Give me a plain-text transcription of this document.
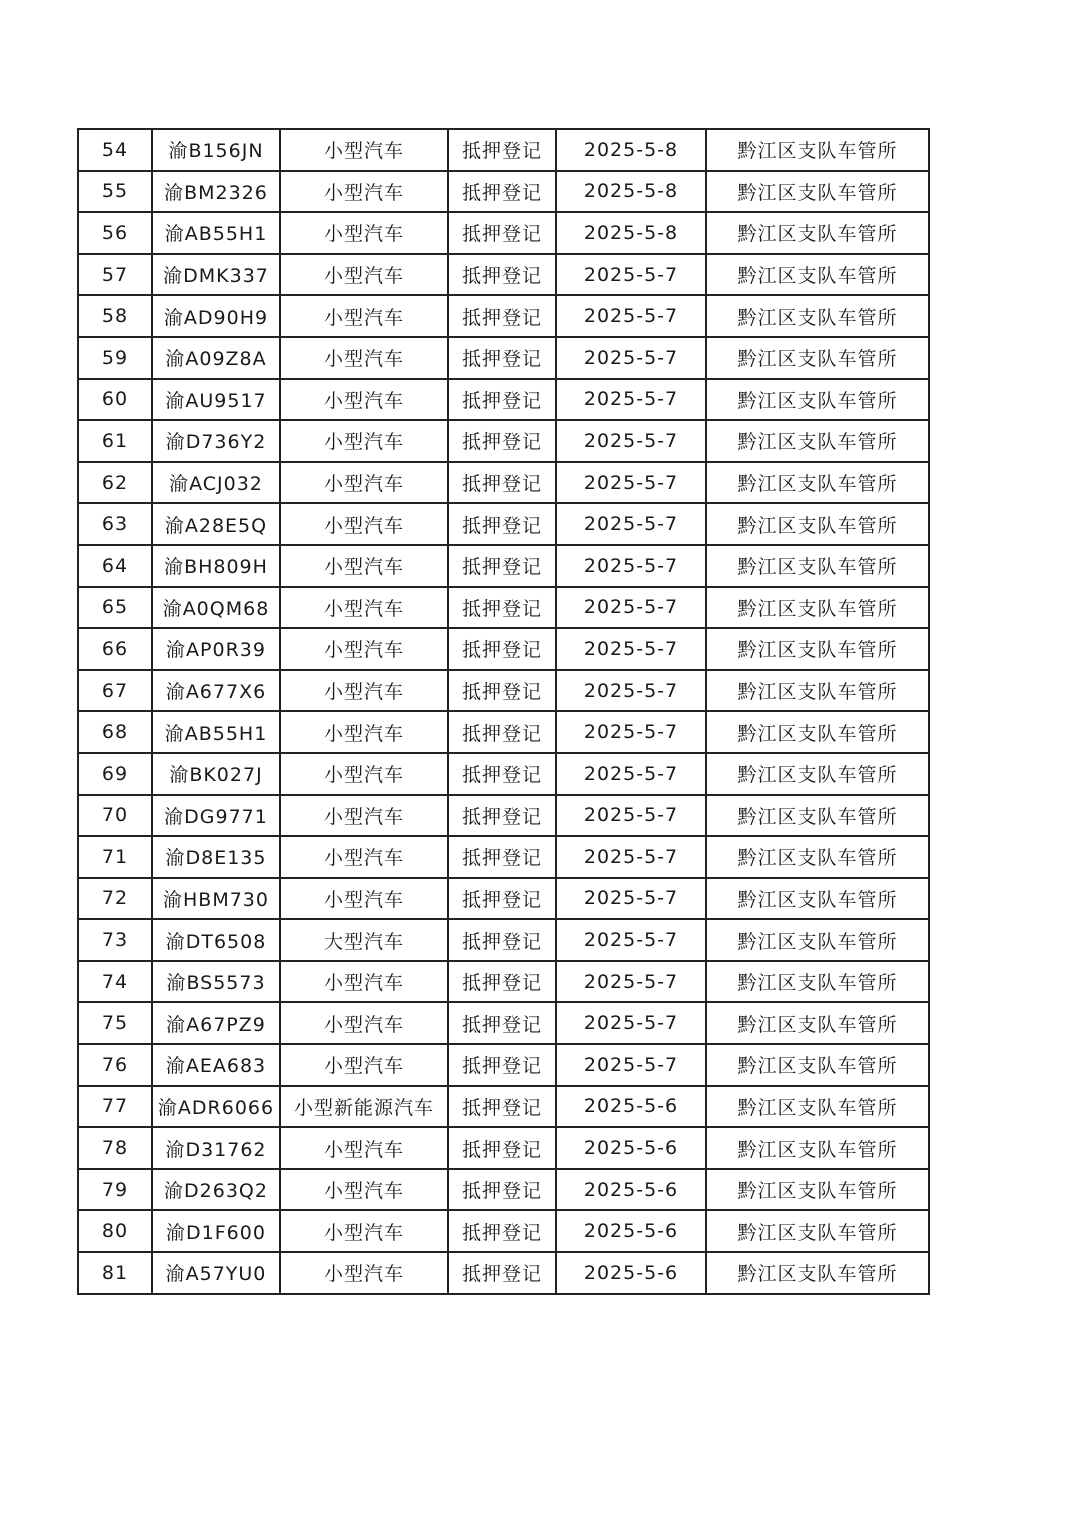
54	渝B156JN	小型汽车	抵押登记	2025-5-8	黔江区支队车管所
55	渝BM2326	小型汽车	抵押登记	2025-5-8	黔江区支队车管所
56	渝AB55H1	小型汽车	抵押登记	2025-5-8	黔江区支队车管所
57	渝DMK337	小型汽车	抵押登记	2025-5-7	黔江区支队车管所
58	渝AD90H9	小型汽车	抵押登记	2025-5-7	黔江区支队车管所
59	渝A09Z8A	小型汽车	抵押登记	2025-5-7	黔江区支队车管所
60	渝AU9517	小型汽车	抵押登记	2025-5-7	黔江区支队车管所
61	渝D736Y2	小型汽车	抵押登记	2025-5-7	黔江区支队车管所
62	渝ACJ032	小型汽车	抵押登记	2025-5-7	黔江区支队车管所
63	渝A28E5Q	小型汽车	抵押登记	2025-5-7	黔江区支队车管所
64	渝BH809H	小型汽车	抵押登记	2025-5-7	黔江区支队车管所
65	渝A0QM68	小型汽车	抵押登记	2025-5-7	黔江区支队车管所
66	渝AP0R39	小型汽车	抵押登记	2025-5-7	黔江区支队车管所
67	渝A677X6	小型汽车	抵押登记	2025-5-7	黔江区支队车管所
68	渝AB55H1	小型汽车	抵押登记	2025-5-7	黔江区支队车管所
69	渝BK027J	小型汽车	抵押登记	2025-5-7	黔江区支队车管所
70	渝DG9771	小型汽车	抵押登记	2025-5-7	黔江区支队车管所
71	渝D8E135	小型汽车	抵押登记	2025-5-7	黔江区支队车管所
72	渝HBM730	小型汽车	抵押登记	2025-5-7	黔江区支队车管所
73	渝DT6508	大型汽车	抵押登记	2025-5-7	黔江区支队车管所
74	渝BS5573	小型汽车	抵押登记	2025-5-7	黔江区支队车管所
75	渝A67PZ9	小型汽车	抵押登记	2025-5-7	黔江区支队车管所
76	渝AEA683	小型汽车	抵押登记	2025-5-7	黔江区支队车管所
77	渝ADR6066	小型新能源汽车	抵押登记	2025-5-6	黔江区支队车管所
78	渝D31762	小型汽车	抵押登记	2025-5-6	黔江区支队车管所
79	渝D263Q2	小型汽车	抵押登记	2025-5-6	黔江区支队车管所
80	渝D1F600	小型汽车	抵押登记	2025-5-6	黔江区支队车管所
81	渝A57YU0	小型汽车	抵押登记	2025-5-6	黔江区支队车管所
